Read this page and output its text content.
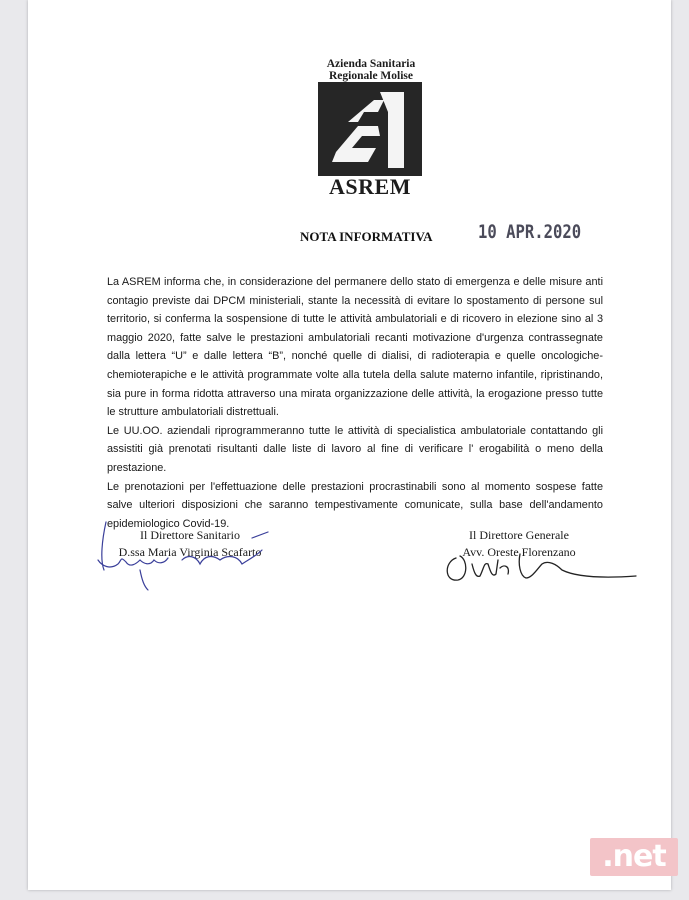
Azienda Sanitaria
Regionale Molise
ASREM
NOTA INFORMATIVA 10 APR.2020

La ASREM informa che, in considerazione del permanere dello stato di emergenza e delle misure anti contagio previste dai DPCM ministeriali, stante la necessità di evitare lo spostamento di persone sul territorio, si conferma la sospensione di tutte le attività ambulatoriali e di ricovero in elezione sino al 3 maggio 2020, fatte salve le prestazioni ambulatoriali recanti motivazione d'urgenza contrassegnate dalla lettera “U” e dalle lettera “B”, nonché quelle di dialisi, di radioterapia e quelle oncologiche-chemioterapiche e le attività programmate volte alla tutela della salute materno infantile, ripristinando, sia pure in forma ridotta attraverso una mirata organizzazione delle attività, la erogazione presso tutte le strutture ambulatoriali distrettuali.

Le UU.OO. aziendali riprogrammeranno tutte le attività di specialistica ambulatoriale contattando gli assistiti già prenotati risultanti dalle liste di lavoro al fine di verificare l' erogabilità o meno della prestazione.

Le prenotazioni per l'effettuazione delle prestazioni procrastinabili sono al momento sospese fatte salve ulteriori disposizioni che saranno tempestivamente comunicate, sulla base dell'andamento epidemiologico Covid-19.

Il Direttore Sanitario
D.ssa Maria Virginia Scafarto
Il Direttore Generale
Avv. Oreste Florenzano
.net
